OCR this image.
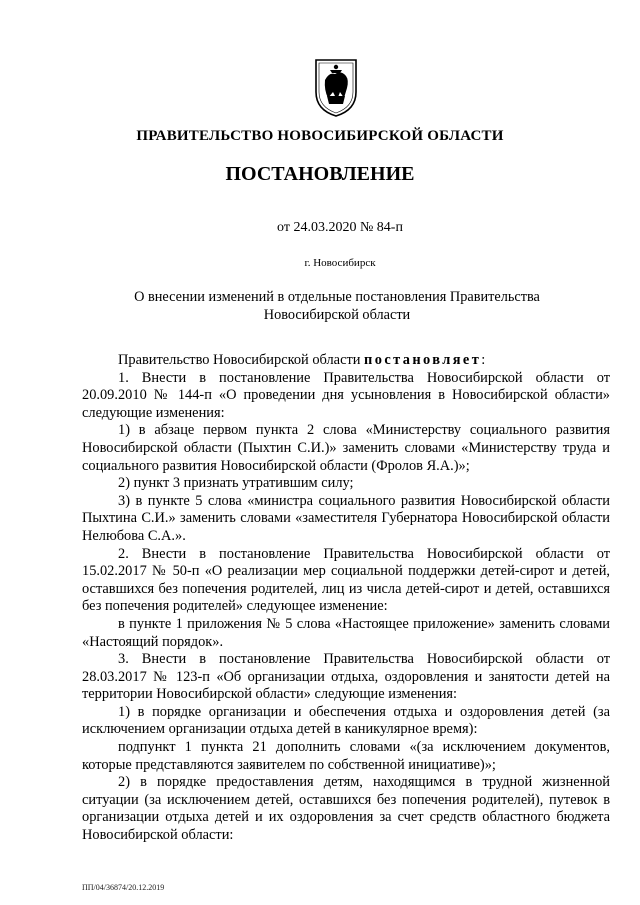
ПРАВИТЕЛЬСТВО НОВОСИБИРСКОЙ ОБЛАСТИ
ПОСТАНОВЛЕНИЕ
от 24.03.2020 № 84-п
г. Новосибирск
О внесении изменений в отдельные постановления Правительства Новосибирской области

Правительство Новосибирской области постановляет:

1. Внести в постановление Правительства Новосибирской области от 20.09.2010 № 144-п «О проведении дня усыновления в Новосибирской области» следующие изменения:

1) в абзаце первом пункта 2 слова «Министерству социального развития Новосибирской области (Пыхтин С.И.)» заменить словами «Министерству труда и социального развития Новосибирской области (Фролов Я.А.)»;

2) пункт 3 признать утратившим силу;

3) в пункте 5 слова «министра социального развития Новосибирской области Пыхтина С.И.» заменить словами «заместителя Губернатора Новосибирской области Нелюбова С.А.».

2. Внести в постановление Правительства Новосибирской области от 15.02.2017 № 50-п «О реализации мер социальной поддержки детей-сирот и детей, оставшихся без попечения родителей, лиц из числа детей-сирот и детей, оставшихся без попечения родителей» следующее изменение:

в пункте 1 приложения № 5 слова «Настоящее приложение» заменить словами «Настоящий порядок».

3. Внести в постановление Правительства Новосибирской области от 28.03.2017 № 123-п «Об организации отдыха, оздоровления и занятости детей на территории Новосибирской области» следующие изменения:

1) в порядке организации и обеспечения отдыха и оздоровления детей (за исключением организации отдыха детей в каникулярное время):

подпункт 1 пункта 21 дополнить словами «(за исключением документов, которые представляются заявителем по собственной инициативе)»;

2) в порядке предоставления детям, находящимся в трудной жизненной ситуации (за исключением детей, оставшихся без попечения родителей), путевок в организации отдыха детей и их оздоровления за счет средств областного бюджета Новосибирской области:

ПП/04/36874/20.12.2019
